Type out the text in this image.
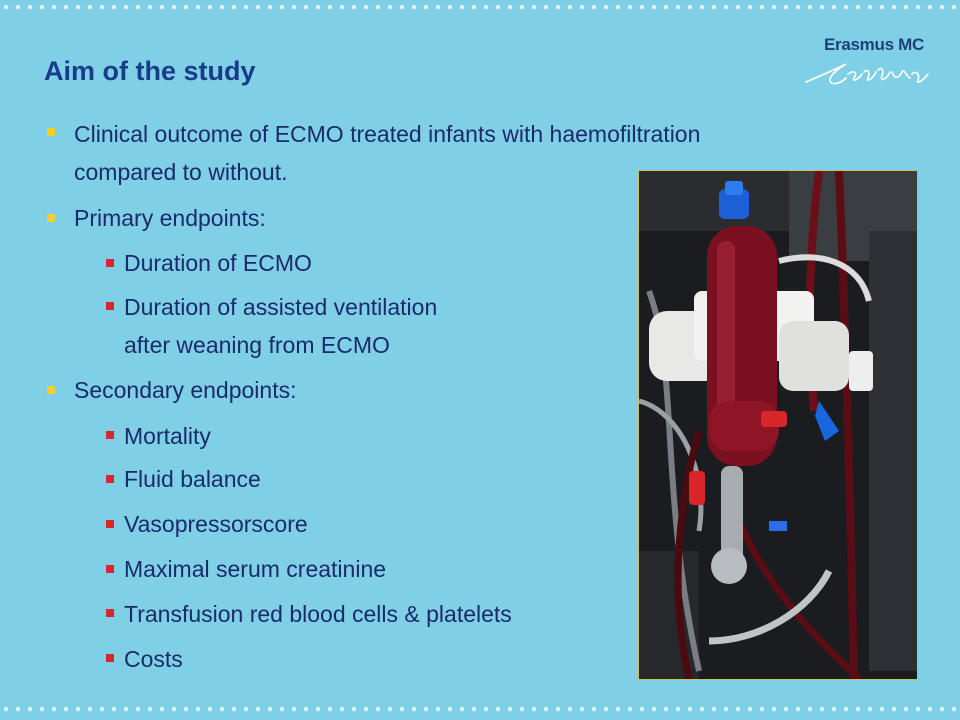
Erasmus MC
Aim of the study
Clinical outcome of ECMO treated infants with haemofiltration
compared to without.
Primary endpoints:
Duration of ECMO
Duration of assisted ventilation
after weaning from ECMO
Secondary endpoints:
Mortality
Fluid balance
Vasopressorscore
Maximal serum creatinine
Transfusion red blood cells & platelets
Costs
